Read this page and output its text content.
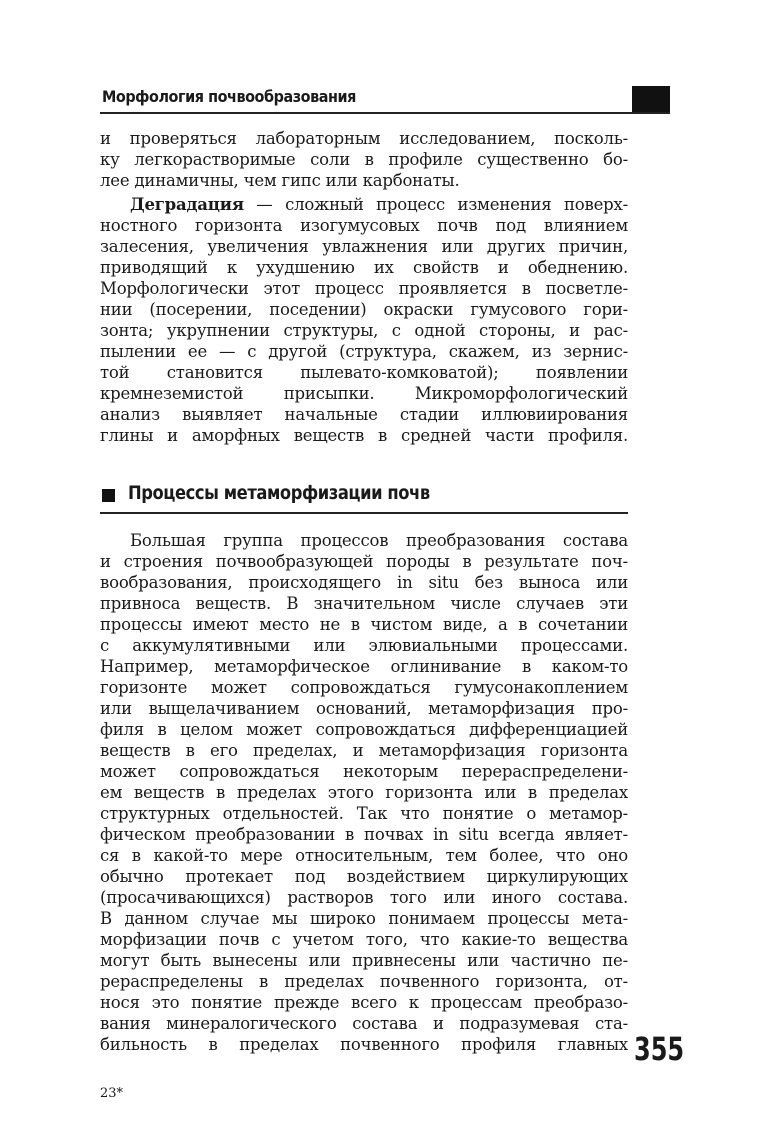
Морфология почвообразования
и проверяться лабораторным исследованием, посколь-
ку легкорастворимые соли в профиле существенно бо-
лее динамичны, чем гипс или карбонаты.
Деградация — сложный процесс изменения поверх-
ностного горизонта изогумусовых почв под влиянием
залесения, увеличения увлажнения или других причин,
приводящий к ухудшению их свойств и обеднению.
Морфологически этот процесс проявляется в посветле-
нии (посерении, поседении) окраски гумусового гори-
зонта; укрупнении структуры, с одной стороны, и рас-
пылении ее — с другой (структура, скажем, из зернис-
той становится пылевато-комковатой); появлении
кремнеземистой присыпки. Микроморфологический
анализ выявляет начальные стадии иллювиирования
глины и аморфных веществ в средней части профиля.
Процессы метаморфизации почв
Большая группа процессов преобразования состава
и строения почвообразующей породы в результате поч-
вообразования, происходящего in situ без выноса или
привноса веществ. В значительном числе случаев эти
процессы имеют место не в чистом виде, а в сочетании
с аккумулятивными или элювиальными процессами.
Например, метаморфическое оглинивание в каком-то
горизонте может сопровождаться гумусонакоплением
или выщелачиванием оснований, метаморфизация про-
филя в целом может сопровождаться дифференциацией
веществ в его пределах, и метаморфизация горизонта
может сопровождаться некоторым перераспределени-
ем веществ в пределах этого горизонта или в пределах
структурных отдельностей. Так что понятие о метамор-
фическом преобразовании в почвах in situ всегда являет-
ся в какой-то мере относительным, тем более, что оно
обычно протекает под воздействием циркулирующих
(просачивающихся) растворов того или иного состава.
В данном случае мы широко понимаем процессы мета-
морфизации почв с учетом того, что какие-то вещества
могут быть вынесены или привнесены или частично пе-
рераспределены в пределах почвенного горизонта, от-
нося это понятие прежде всего к процессам преобразо-
вания минералогического состава и подразумевая ста-
бильность в пределах почвенного профиля главных 355
23*
